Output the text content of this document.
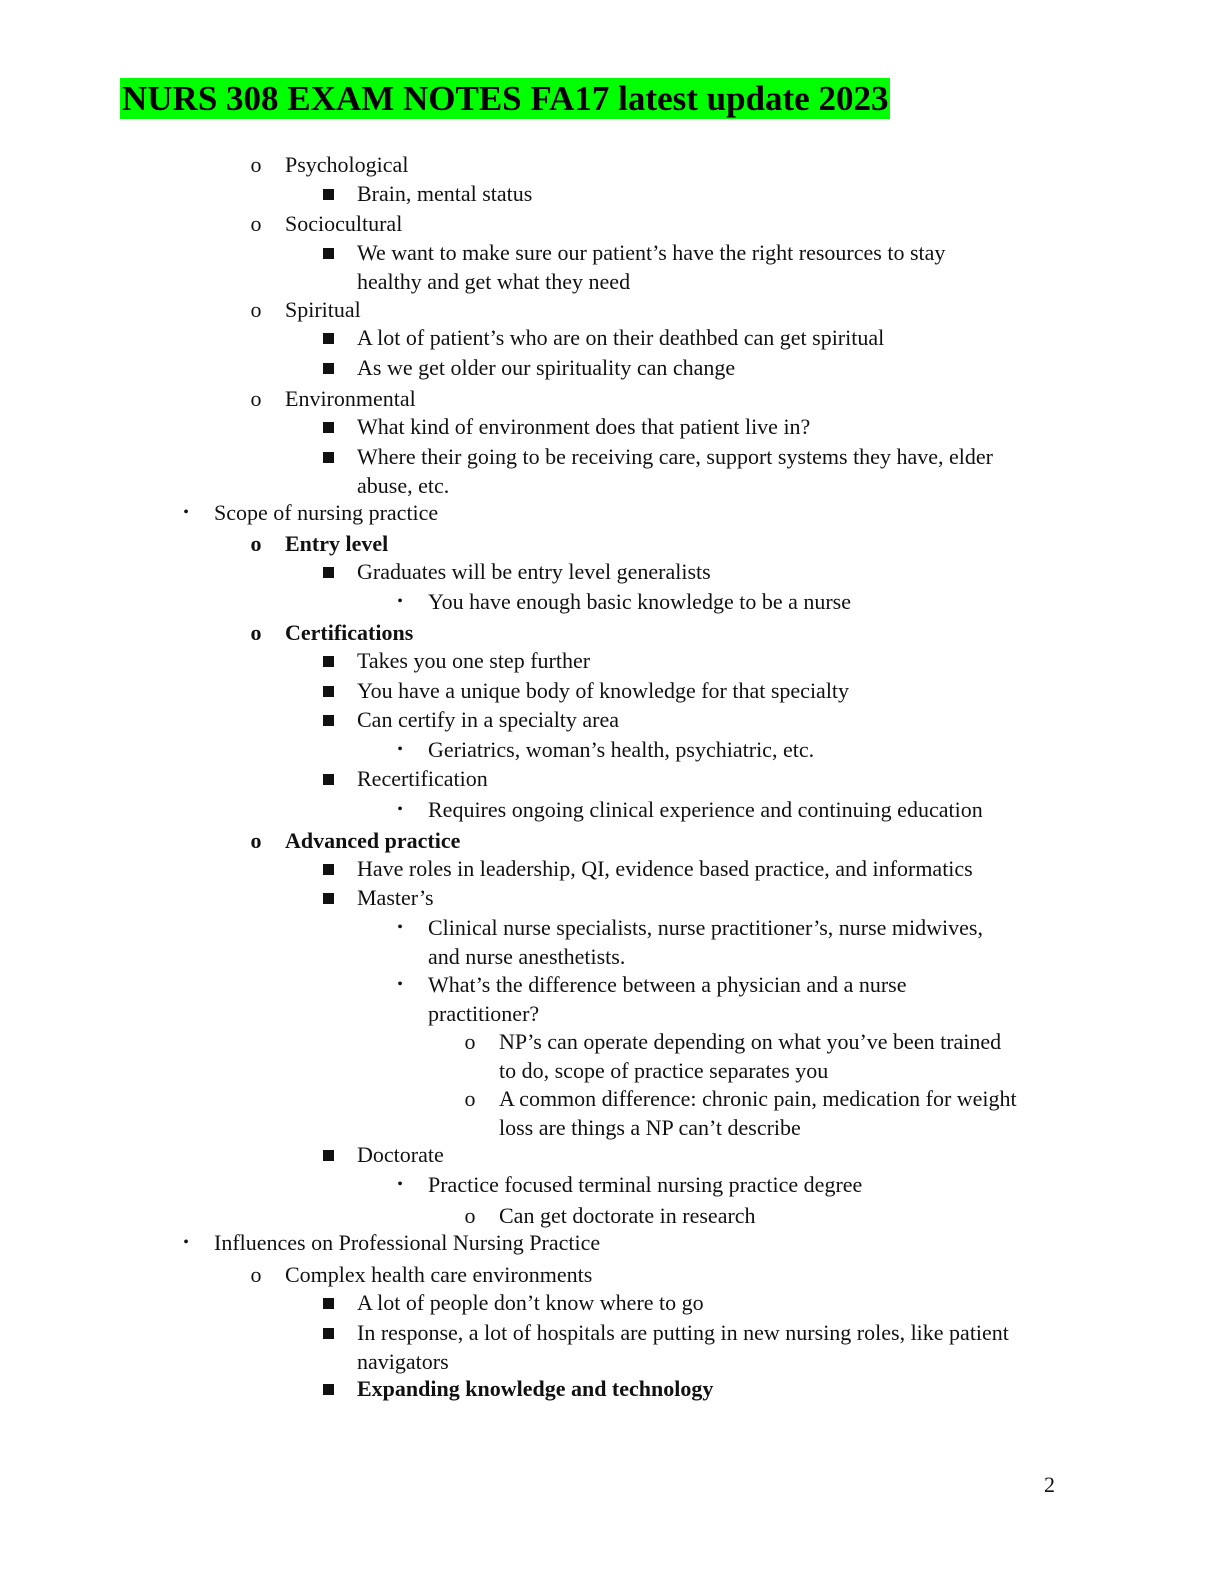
NURS 308 EXAM NOTES FA17 latest update 2023
o Psychological
Brain, mental status
o Sociocultural
We want to make sure our patient’s have the right resources to stay
healthy and get what they need
o Spiritual
A lot of patient’s who are on their deathbed can get spiritual
As we get older our spirituality can change
o Environmental
What kind of environment does that patient live in?
Where their going to be receiving care, support systems they have, elder
abuse, etc.
•	Scope of nursing practice
o Entry level
Graduates will be entry level generalists
•	You have enough basic knowledge to be a nurse
o Certifications
Takes you one step further
You have a unique body of knowledge for that specialty
Can certify in a specialty area
•	Geriatrics, woman’s health, psychiatric, etc.
Recertification
•	Requires ongoing clinical experience and continuing education
o Advanced practice
Have roles in leadership, QI, evidence based practice, and informatics
Master’s
•	Clinical nurse specialists, nurse practitioner’s, nurse midwives,
and nurse anesthetists.
•	What’s the difference between a physician and a nurse
practitioner?
o NP’s can operate depending on what you’ve been trained
to do, scope of practice separates you
o A common difference: chronic pain, medication for weight
loss are things a NP can’t describe
Doctorate
•	Practice focused terminal nursing practice degree
o Can get doctorate in research
•	Influences on Professional Nursing Practice
o Complex health care environments
A lot of people don’t know where to go
In response, a lot of hospitals are putting in new nursing roles, like patient
navigators
Expanding knowledge and technology
2
